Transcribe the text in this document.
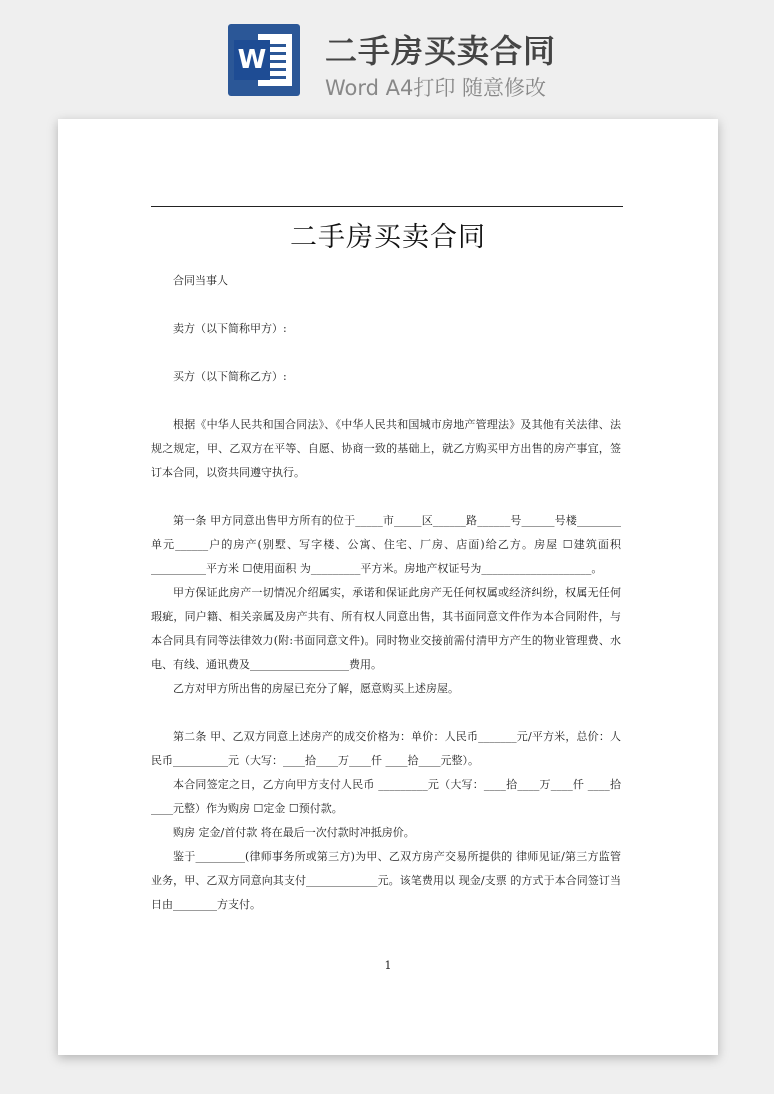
W 二手房买卖合同
Word A4打印 随意修改
二手房买卖合同

合同当事人

卖方（以下简称甲方）:

买方（以下简称乙方）:

根据《中华人民共和国合同法》、《中华人民共和国城市房地产管理法》及其他有关法律、法规之规定，甲、乙双方在平等、自愿、协商一致的基础上，就乙方购买甲方出售的房产事宜，签订本合同，以资共同遵守执行。

第一条 甲方同意出售甲方所有的位于_____市_____区______路______号______号楼________单元______户的房产(别墅、写字楼、公寓、住宅、厂房、店面)给乙方。房屋 ☐建筑面积__________平方米 ☐使用面积 为_________平方米。房地产权证号为____________________。

甲方保证此房产一切情况介绍属实，承诺和保证此房产无任何权属或经济纠纷，权属无任何瑕疵，同户籍、相关亲属及房产共有、所有权人同意出售，其书面同意文件作为本合同附件，与本合同具有同等法律效力(附:书面同意文件)。同时物业交接前需付清甲方产生的物业管理费、水电、有线、通讯费及__________________费用。

乙方对甲方所出售的房屋已充分了解，愿意购买上述房屋。

第二条 甲、乙双方同意上述房产的成交价格为：单价：人民币_______元/平方米，总价：人民币__________元（大写：____拾____万____仟 ____拾____元整）。

本合同签定之日，乙方向甲方支付人民币 _________元（大写：____拾____万____仟 ____拾____元整）作为购房 ☐定金 ☐预付款。

购房 定金/首付款 将在最后一次付款时冲抵房价。

鉴于_________(律师事务所或第三方)为甲、乙双方房产交易所提供的 律师见证/第三方监管业务，甲、乙双方同意向其支付_____________元。该笔费用以 现金/支票 的方式于本合同签订当日由________方支付。

1
